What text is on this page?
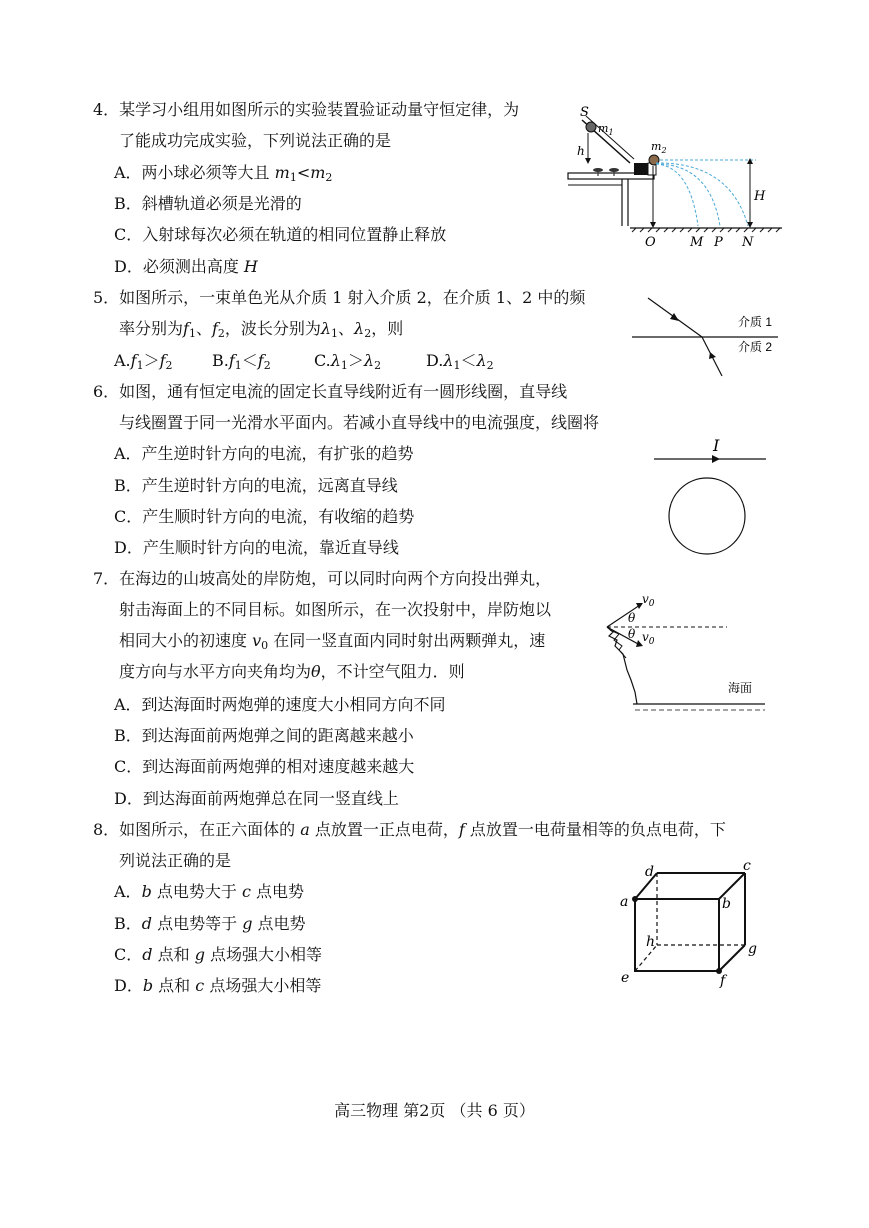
4．某学习小组用如图所示的实验装置验证动量守恒定律，为
了能成功完成实验，下列说法正确的是
A．两小球必须等大且 $m_1<m_2$
B．斜槽轨道必须是光滑的
C．入射球每次必须在轨道的相同位置静止释放
D．必须测出高度 H
S
$m_1$
h	$m_2$
H
O	M P N
5．如图所示，一束单色光从介质 1 射入介质 2，在介质 1、2 中的频
率分别为$f_1$、$f_2$，波长分别为$\lambda_1$、$\lambda_2$，则
$A.f_1>f_2$ $B.f_1<f_2$	$C.\lambda_1>\lambda_2$	$D.\lambda_1<\lambda_2$
介质 1
介质 2
6．如图，通有恒定电流的固定长直导线附近有一圆形线圈，直导线
与线圈置于同一光滑水平面内。若减小直导线中的电流强度，线圈将
A．产生逆时针方向的电流，有扩张的趋势
B．产生逆时针方向的电流，远离直导线
C．产生顺时针方向的电流，有收缩的趋势
D．产生顺时针方向的电流，靠近直导线
I
7．在海边的山坡高处的岸防炮，可以同时向两个方向投出弹丸，
射击海面上的不同目标。如图所示，在一次投射中，岸防炮以
相同大小的初速度 $v_0$ 在同一竖直面内同时射出两颗弹丸，速
度方向与水平方向夹角均为θ，不计空气阻力．则
A．到达海面时两炮弹的速度大小相同方向不同
B．到达海面前两炮弹之间的距离越来越小
C．到达海面前两炮弹的相对速度越来越大
D．到达海面前两炮弹总在同一竖直线上
$v_0$
$v_0$
θ
θ
海面
8．如图所示，在正六面体的 a 点放置一正点电荷，f 点放置一电荷量相等的负点电荷，下
列说法正确的是
A．b 点电势大于 c 点电势
B．d 点电势等于 g 点电势
C．d 点和 g 点场强大小相等
D．b 点和 c 点场强大小相等
a	b
c
d
e	f
g
h
高三物理 第2页 （共 6 页）
